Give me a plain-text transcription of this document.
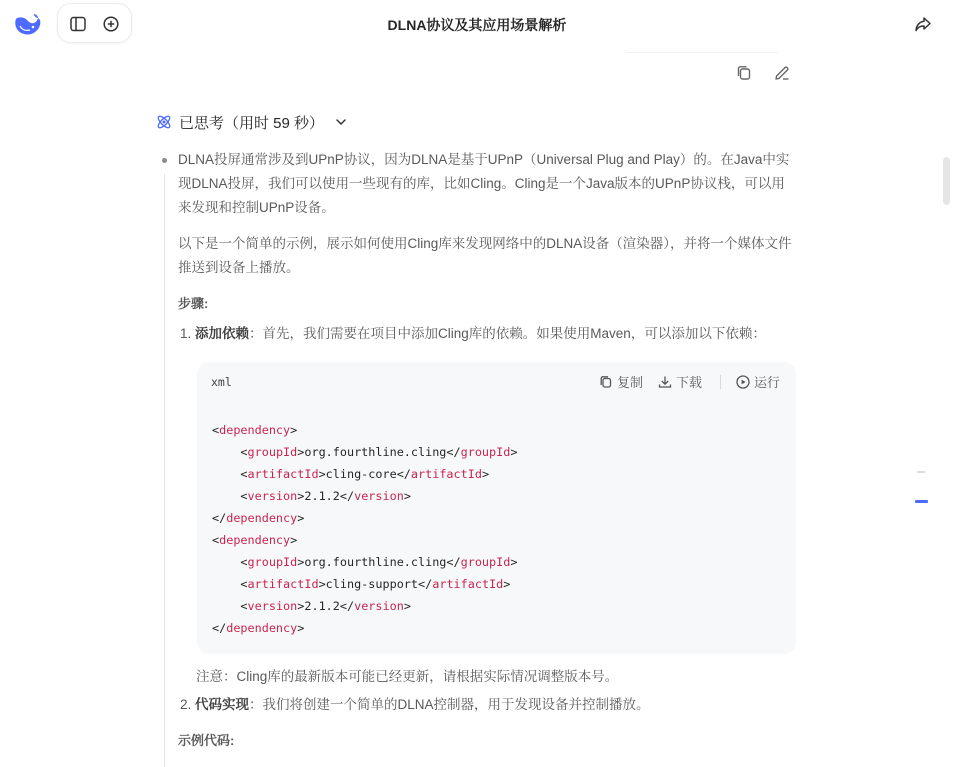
DLNA协议及其应用场景解析
已思考（用时 59 秒）

DLNA投屏通常涉及到UPnP协议，因为DLNA是基于UPnP（Universal Plug and Play）的。在Java中实现DLNA投屏，我们可以使用一些现有的库，比如Cling。Cling是一个Java版本的UPnP协议栈，可以用来发现和控制UPnP设备。

以下是一个简单的示例，展示如何使用Cling库来发现网络中的DLNA设备（渲染器），并将一个媒体文件推送到设备上播放。

步骤:
1. 添加依赖：首先，我们需要在项目中添加Cling库的依赖。如果使用Maven，可以添加以下依赖：
注意：Cling库的最新版本可能已经更新，请根据实际情况调整版本号。
2. 代码实现：我们将创建一个简单的DLNA控制器，用于发现设备并控制播放。
示例代码:
xml	复制	下载	运行
<dependency>
<groupId>org.fourthline.cling</groupId>
<artifactId>cling-core</artifactId>
<version>2.1.2</version>
</dependency>
<dependency>
<groupId>org.fourthline.cling</groupId>
<artifactId>cling-support</artifactId>
<version>2.1.2</version>
</dependency>
